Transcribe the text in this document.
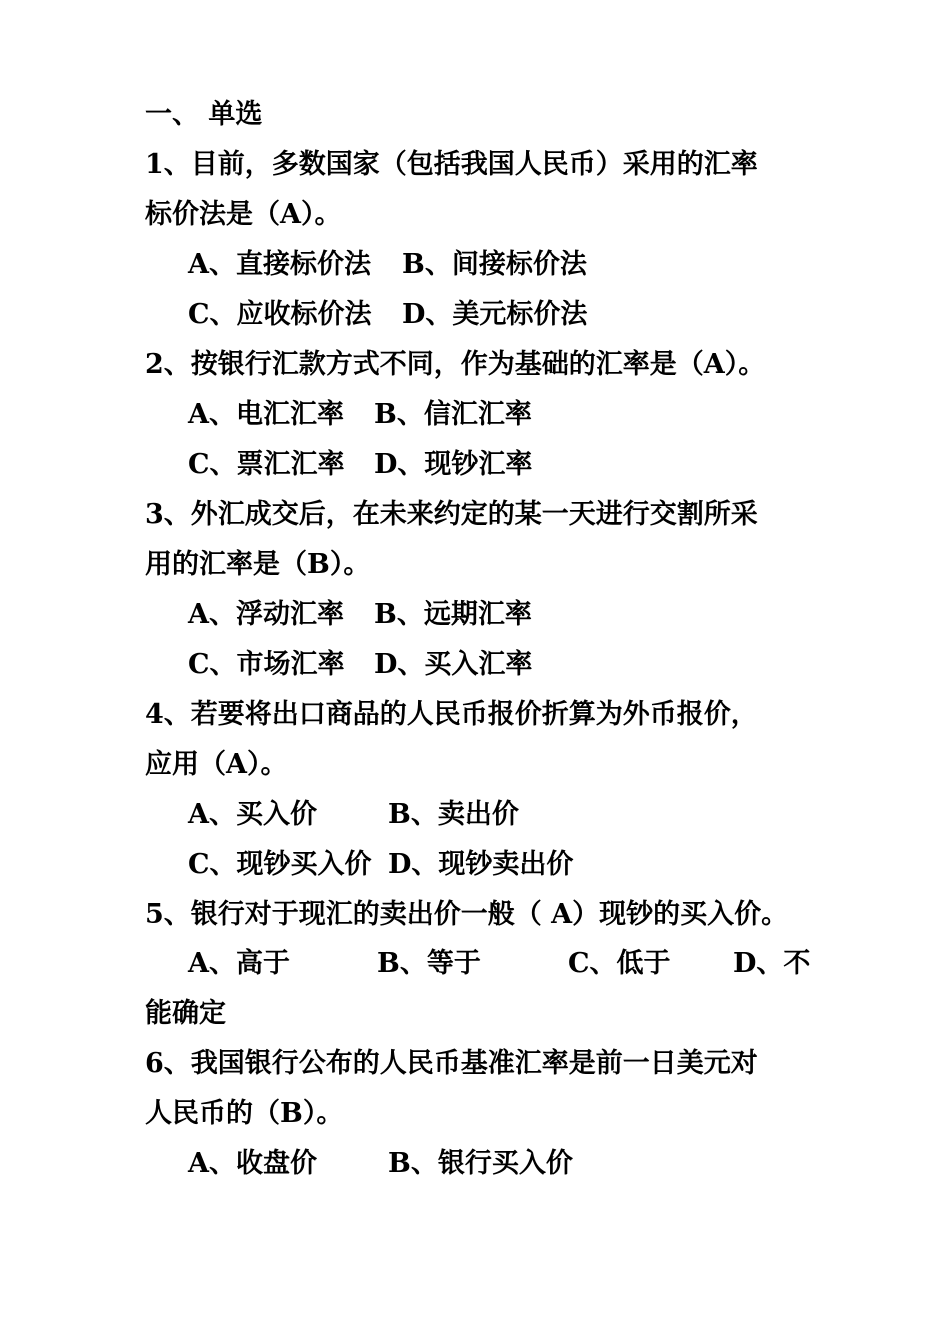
一、 单选
1、目前，多数国家（包括我国人民币）采用的汇率
标价法是（A）。
A、直接标价法 B、间接标价法
C、应收标价法 D、美元标价法
2、按银行汇款方式不同，作为基础的汇率是（A）。
A、电汇汇率 B、信汇汇率
C、票汇汇率 D、现钞汇率
3、外汇成交后，在未来约定的某一天进行交割所采
用的汇率是（B）。
A、浮动汇率 B、远期汇率
C、市场汇率 D、买入汇率
4、若要将出口商品的人民币报价折算为外币报价，
应用（A）。
A、买入价	B、卖出价
C、现钞买入价 D、现钞卖出价
5、银行对于现汇的卖出价一般（ A）现钞的买入价。
A、高于	B、等于	C、低于 D、不
能确定
6、我国银行公布的人民币基准汇率是前一日美元对
人民币的（B）。
A、收盘价	B、银行买入价
